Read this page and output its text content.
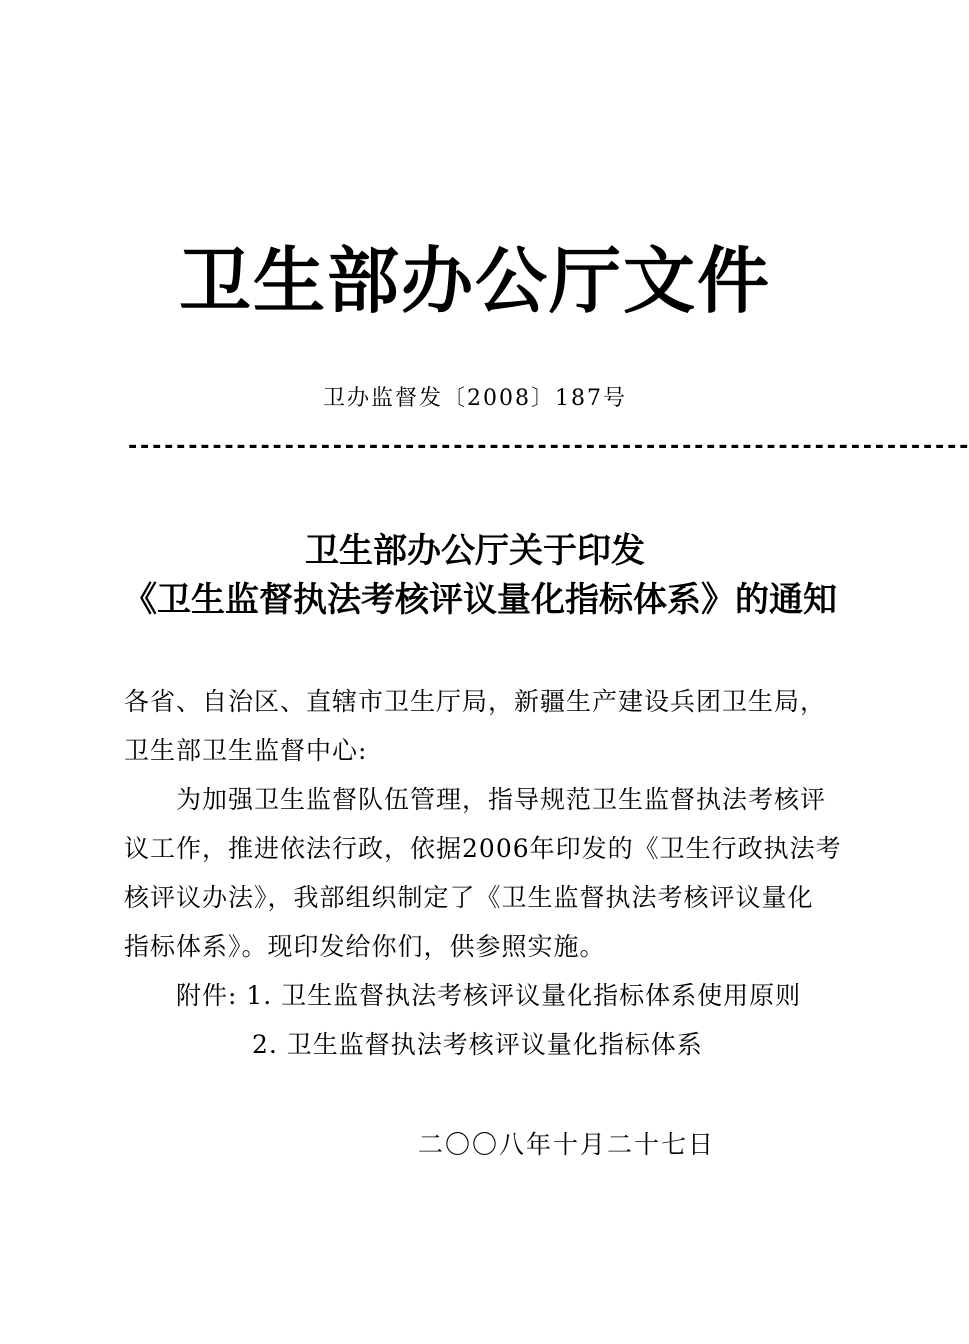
卫生部办公厅文件
卫办监督发〔2008〕187号
----------------------------------------------------------------------
卫生部办公厅关于印发
《卫生监督执法考核评议量化指标体系》的通知
各省、自治区、直辖市卫生厅局，新疆生产建设兵团卫生局，
卫生部卫生监督中心:
为加强卫生监督队伍管理，指导规范卫生监督执法考核评
议工作，推进依法行政，依据2006年印发的《卫生行政执法考
核评议办法》，我部组织制定了《卫生监督执法考核评议量化
指标体系》。现印发给你们，供参照实施。
附件: 1. 卫生监督执法考核评议量化指标体系使用原则
2. 卫生监督执法考核评议量化指标体系
二〇〇八年十月二十七日
